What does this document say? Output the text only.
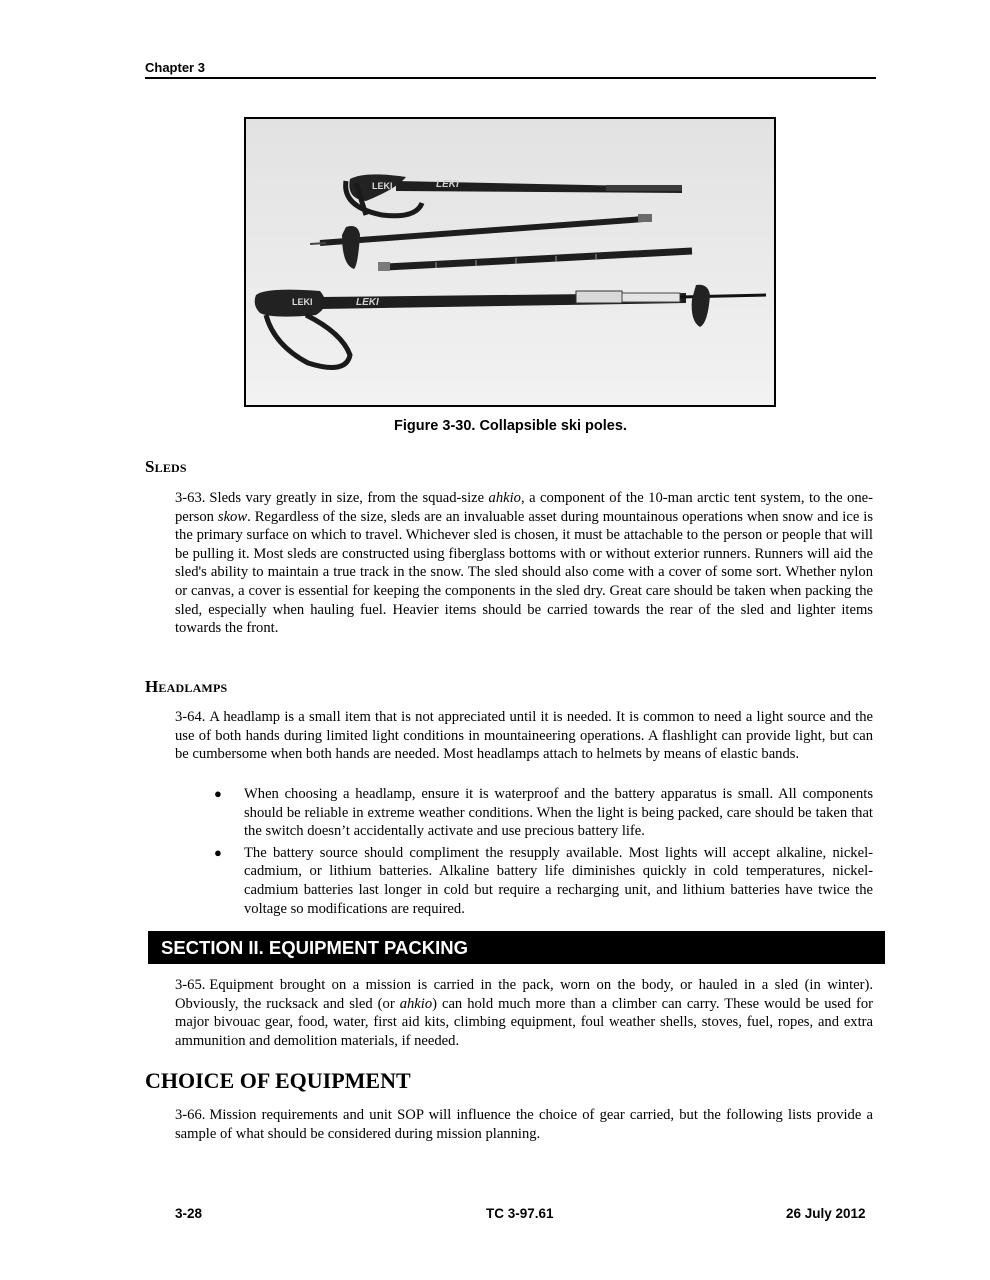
Chapter 3
LEKI	LEKI
LEKI	LEKI
Figure 3-30. Collapsible ski poles.
Sleds
3-63. Sleds vary greatly in size, from the squad-size ahkio, a component of the 10-man arctic tent system, to the one-person skow. Regardless of the size, sleds are an invaluable asset during mountainous operations when snow and ice is the primary surface on which to travel. Whichever sled is chosen, it must be attachable to the person or people that will be pulling it. Most sleds are constructed using fiberglass bottoms with or without exterior runners. Runners will aid the sled's ability to maintain a true track in the snow. The sled should also come with a cover of some sort. Whether nylon or canvas, a cover is essential for keeping the components in the sled dry. Great care should be taken when packing the sled, especially when hauling fuel. Heavier items should be carried towards the rear of the sled and lighter items towards the front.
Headlamps
3-64. A headlamp is a small item that is not appreciated until it is needed. It is common to need a light source and the use of both hands during limited light conditions in mountaineering operations. A flashlight can provide light, but can be cumbersome when both hands are needed. Most headlamps attach to helmets by means of elastic bands.
● When choosing a headlamp, ensure it is waterproof and the battery apparatus is small. All components should be reliable in extreme weather conditions. When the light is being packed, care should be taken that the switch doesn’t accidentally activate and use precious battery life.
● The battery source should compliment the resupply available. Most lights will accept alkaline, nickel-cadmium, or lithium batteries. Alkaline battery life diminishes quickly in cold temperatures, nickel-cadmium batteries last longer in cold but require a recharging unit, and lithium batteries have twice the voltage so modifications are required.
SECTION II. EQUIPMENT PACKING
3-65. Equipment brought on a mission is carried in the pack, worn on the body, or hauled in a sled (in winter). Obviously, the rucksack and sled (or ahkio) can hold much more than a climber can carry. These would be used for major bivouac gear, food, water, first aid kits, climbing equipment, foul weather shells, stoves, fuel, ropes, and extra ammunition and demolition materials, if needed.
CHOICE OF EQUIPMENT
3-66. Mission requirements and unit SOP will influence the choice of gear carried, but the following lists provide a sample of what should be considered during mission planning.
3-28	TC 3-97.61	26 July 2012
